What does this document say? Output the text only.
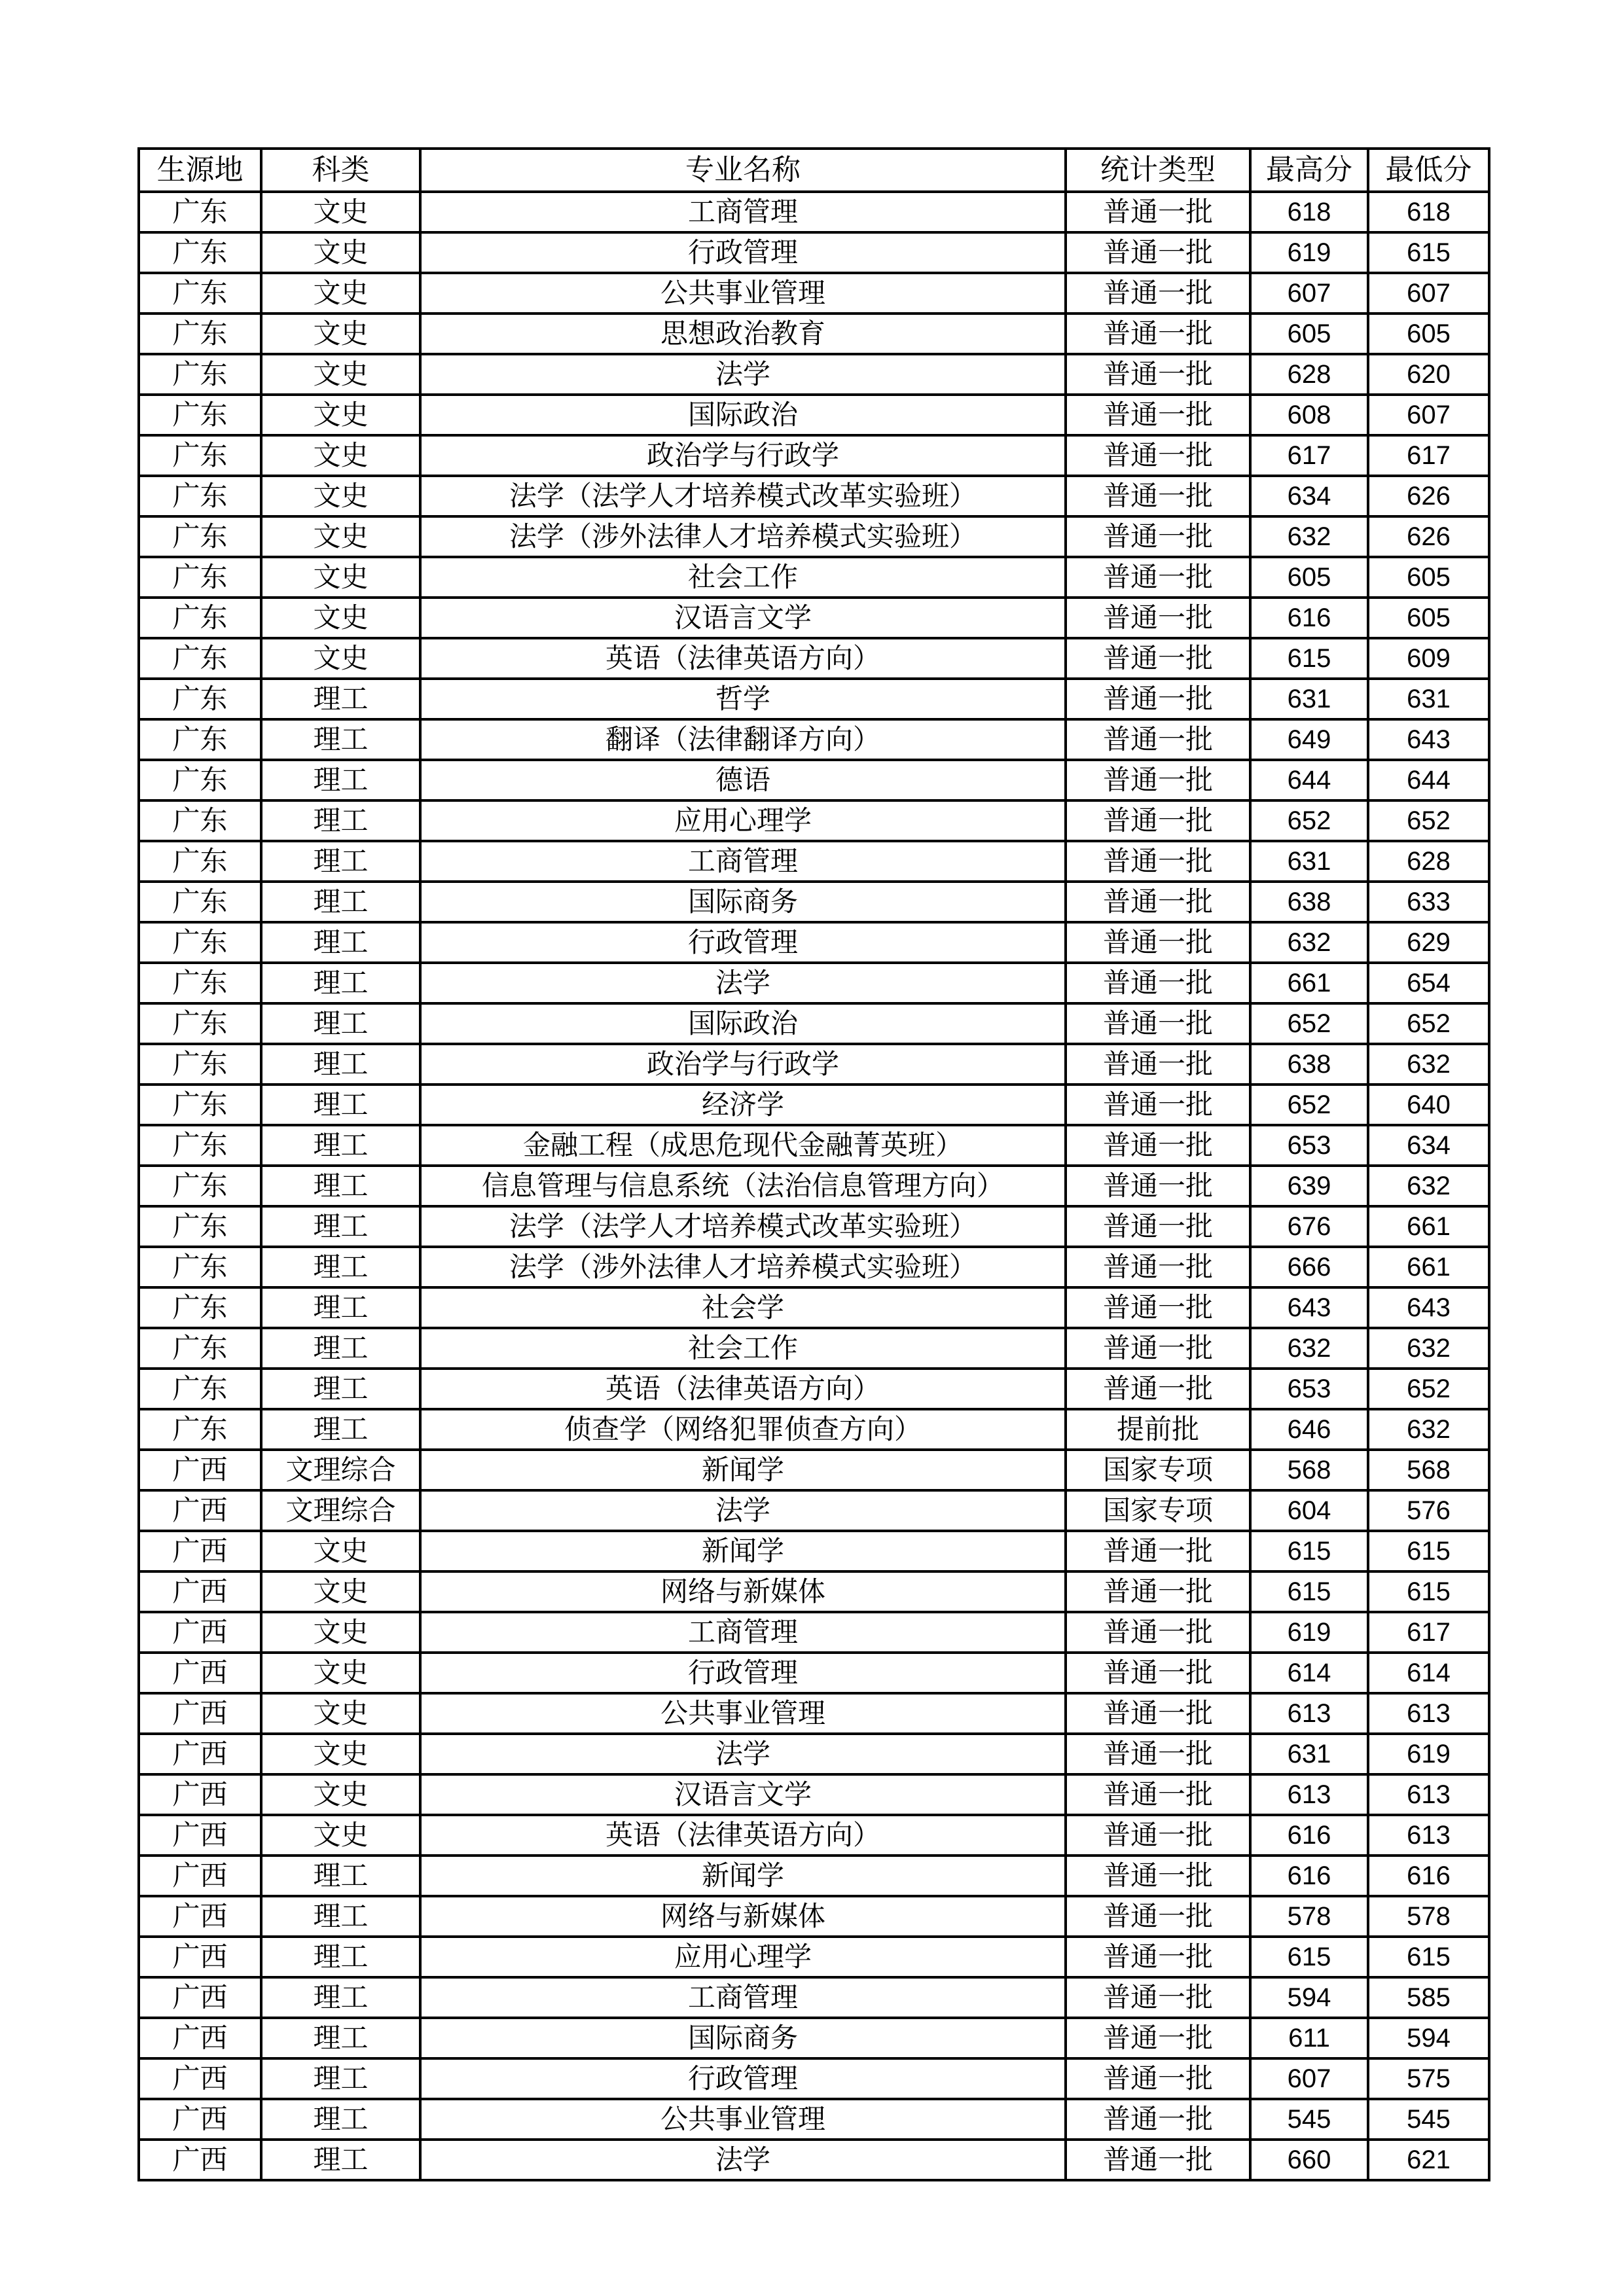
生源地	科类	专业名称	统计类型	最高分	最低分
广东	文史	工商管理	普通一批	618	618
广东	文史	行政管理	普通一批	619	615
广东	文史	公共事业管理	普通一批	607	607
广东	文史	思想政治教育	普通一批	605	605
广东	文史	法学	普通一批	628	620
广东	文史	国际政治	普通一批	608	607
广东	文史	政治学与行政学	普通一批	617	617
广东	文史	法学（法学人才培养模式改革实验班）	普通一批	634	626
广东	文史	法学（涉外法律人才培养模式实验班）	普通一批	632	626
广东	文史	社会工作	普通一批	605	605
广东	文史	汉语言文学	普通一批	616	605
广东	文史	英语（法律英语方向）	普通一批	615	609
广东	理工	哲学	普通一批	631	631
广东	理工	翻译（法律翻译方向）	普通一批	649	643
广东	理工	德语	普通一批	644	644
广东	理工	应用心理学	普通一批	652	652
广东	理工	工商管理	普通一批	631	628
广东	理工	国际商务	普通一批	638	633
广东	理工	行政管理	普通一批	632	629
广东	理工	法学	普通一批	661	654
广东	理工	国际政治	普通一批	652	652
广东	理工	政治学与行政学	普通一批	638	632
广东	理工	经济学	普通一批	652	640
广东	理工	金融工程（成思危现代金融菁英班）	普通一批	653	634
广东	理工	信息管理与信息系统（法治信息管理方向）	普通一批	639	632
广东	理工	法学（法学人才培养模式改革实验班）	普通一批	676	661
广东	理工	法学（涉外法律人才培养模式实验班）	普通一批	666	661
广东	理工	社会学	普通一批	643	643
广东	理工	社会工作	普通一批	632	632
广东	理工	英语（法律英语方向）	普通一批	653	652
广东	理工	侦查学（网络犯罪侦查方向）	提前批	646	632
广西	文理综合	新闻学	国家专项	568	568
广西	文理综合	法学	国家专项	604	576
广西	文史	新闻学	普通一批	615	615
广西	文史	网络与新媒体	普通一批	615	615
广西	文史	工商管理	普通一批	619	617
广西	文史	行政管理	普通一批	614	614
广西	文史	公共事业管理	普通一批	613	613
广西	文史	法学	普通一批	631	619
广西	文史	汉语言文学	普通一批	613	613
广西	文史	英语（法律英语方向）	普通一批	616	613
广西	理工	新闻学	普通一批	616	616
广西	理工	网络与新媒体	普通一批	578	578
广西	理工	应用心理学	普通一批	615	615
广西	理工	工商管理	普通一批	594	585
广西	理工	国际商务	普通一批	611	594
广西	理工	行政管理	普通一批	607	575
广西	理工	公共事业管理	普通一批	545	545
广西	理工	法学	普通一批	660	621
